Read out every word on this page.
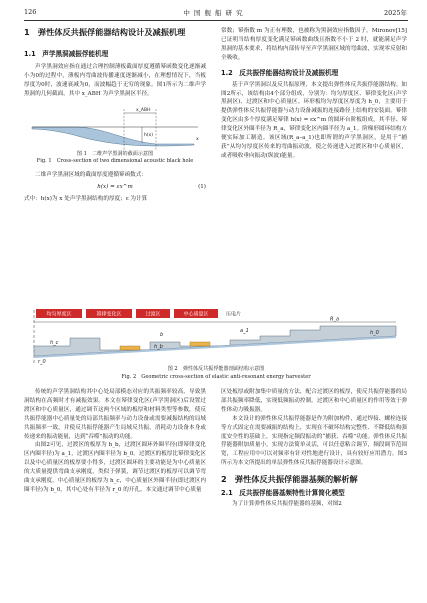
126	中 国 舰 船 研 究	2025年
1　弹性体反共振俘能器结构设计及减振机理
1.1　声学黑洞减振俘能机理

声学黑洞效应指在通过合理控制薄板截面厚度遵循幂函数变化逐渐减小为0的过程中，薄板内弯曲波传播速度逐渐减小，在理想情况下，当板厚度为0时，波速衰减为0，而波幅趋于无穷的现象。图1所示为二维声学黑洞的几何截面，其中 x_ABH 为声学黑洞区半径。

x_ABH
h(x)
x
图 1　二维声学黑洞的截面示意图
Fig. 1　Cross-section of two dimensional acoustic black hole

二维声学黑洞区域的截面厚度遵循幂函数式：

h(x) = εx^m	(1)

式中：h(x)为 x 处声学黑洞结构的厚度；ε 为计算

常数；幂指数 m 为正有理数，也被称为黑洞效应指数因子。Mironov[15] 已证明当结构厚度变化满足幂函数曲线且指数不小于 2 时，就能满足声学黑洞的基本要求，将结构内部传导至声学黑洞区域的弯曲波，实现零反射和全吸收。

1.2　反共振俘能器结构设计及减振机理

基于声学黑洞以及反共振原理，本文提出弹性体反共振俘能器结构。如图2所示，该结构由4个部分组成，分别为：均匀厚度区、幂律变化区(声学黑洞区)、过渡区和中心质量区。环形板均匀厚度区厚度为 h_0，主要用于提供弹性体反共振俘能器与动力设备减振的连接路径上结构的安装面。幂律变化区由多个厚度满足幂律 h(x) = εx^m 的圆环台阶板组成，其半径、幂律变化区外圈半径为 R_a，幂律变化区内圈半径为 a_1。阶梯形圆环结构方便实际加工制造。该区域(R_a–a_1)也即所谓的声学黑洞区，是用于“捕获”从均匀厚度区传来的弯曲振动波，使之传递进入过渡区和中心质量区，或者吸收垂向振动(纵波)能量。

均匀厚度区	幂律变化区	过渡区	中心质量区	压电片
R_a
a_1
b	h_0
h_b
h_c
r_0
图 2　弹性体反共振俘能器剖面结构示意图
Fig. 2　Geometric cross-section of elastic anti-resonant energy harvester

传统的声学黑洞结构其中心处局部模态对应的共振频率较高，导致黑洞结构在高频时才有减振效果。本文在幂律变化区(声学黑洞区)后设置过渡区和中心质量区，通过调节这两个区域的板厚和材料类型等参数，使反共振俘能器中心质量处的局部共振频率与动力设备或需要减振结构的局域共振频率一致，并使反共振俘能器产生局域反共振，消耗动力设备本身或传递来的振动能量，达到“吞噬”振动的功能。

由图2可见，过渡区的板厚为 h_b，过渡区圆环外圈半径(即幂律变化区内圈半径)为 a_1，过渡区内圈半径为 b_0。过渡区的板厚比幂律变化区以及中心质量区的板厚要小得多，过渡区圆环的主要功能是为中心质量区的大质量提供弯曲支承刚度，类似于弹簧，调节过渡区的板厚可以调节弯曲支承刚度。中心质量区的板厚为 h_c，中心质量区外圈半径(即过渡区内圈半径)为 b_0，其中心处有半径为 r_0 的开孔。本文通过调节中心质量

区处板厚或附加集中质量的方法，配合过渡区的板厚，使反共振俘能器的局部共振频率降低，实现低频振动控制。过渡区和中心质量区的作用等效于弹性体动力吸振器。

本文设计的弹性体反共振俘能器是作为附加构件，通过焊接、螺栓连接等方式固定在需要减振的结构上，实现在不破坏结构完整性、不降低结构强度安全性的基础上，实现指定频段振动的“捕获、吞噬”功能。弹性体反共振俘能器附加质量小，实现方法简单灵活，可以任意粘合调节，频段调节范围宽，工程应用中可以对频率有针对性地进行设计，具有较好应用潜力。图3所示为本文所提出的单层弹性体反共振俘能器设计示意图。

2　弹性体反共振俘能器基频的解析解
2.1　反共振俘能器基频特性计算简化模型

为了计算弹性体反共振俘能器的基频，对图2
